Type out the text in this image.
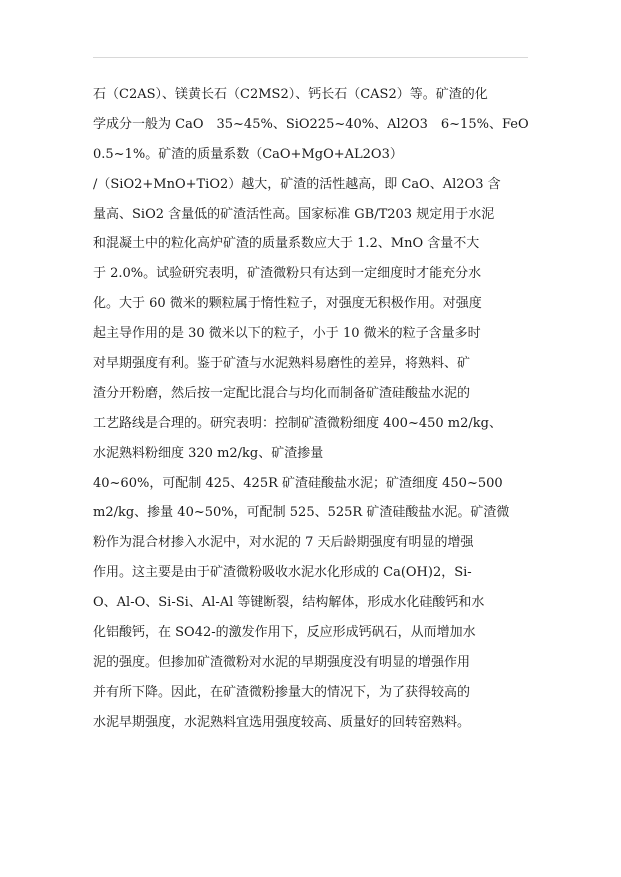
石（C2AS）、镁黄长石（C2MS2）、钙长石（CAS2）等。矿渣的化
学成分一般为 CaO　35~45%、SiO225~40%、Al2O3　6~15%、FeO
0.5~1%。矿渣的质量系数（CaO+MgO+AL2O3）
/（SiO2+MnO+TiO2）越大，矿渣的活性越高，即 CaO、Al2O3 含
量高、SiO2 含量低的矿渣活性高。国家标准 GB/T203 规定用于水泥
和混凝土中的粒化高炉矿渣的质量系数应大于 1.2、MnO 含量不大
于 2.0%。试验研究表明，矿渣微粉只有达到一定细度时才能充分水
化。大于 60 微米的颗粒属于惰性粒子，对强度无积极作用。对强度
起主导作用的是 30 微米以下的粒子，小于 10 微米的粒子含量多时
对早期强度有利。鉴于矿渣与水泥熟料易磨性的差异，将熟料、矿
渣分开粉磨，然后按一定配比混合与均化而制备矿渣硅酸盐水泥的
工艺路线是合理的。研究表明：控制矿渣微粉细度 400~450 m2/kg、
水泥熟料粉细度 320 m2/kg、矿渣掺量
40~60%，可配制 425、425R 矿渣硅酸盐水泥；矿渣细度 450~500
m2/kg、掺量 40~50%，可配制 525、525R 矿渣硅酸盐水泥。矿渣微
粉作为混合材掺入水泥中，对水泥的 7 天后龄期强度有明显的增强
作用。这主要是由于矿渣微粉吸收水泥水化形成的 Ca(OH)2，Si-
O、Al-O、Si-Si、Al-Al 等键断裂，结构解体，形成水化硅酸钙和水
化铝酸钙，在 SO42-的激发作用下，反应形成钙矾石，从而增加水
泥的强度。但掺加矿渣微粉对水泥的早期强度没有明显的增强作用
并有所下降。因此，在矿渣微粉掺量大的情况下，为了获得较高的
水泥早期强度，水泥熟料宜选用强度较高、质量好的回转窑熟料。
